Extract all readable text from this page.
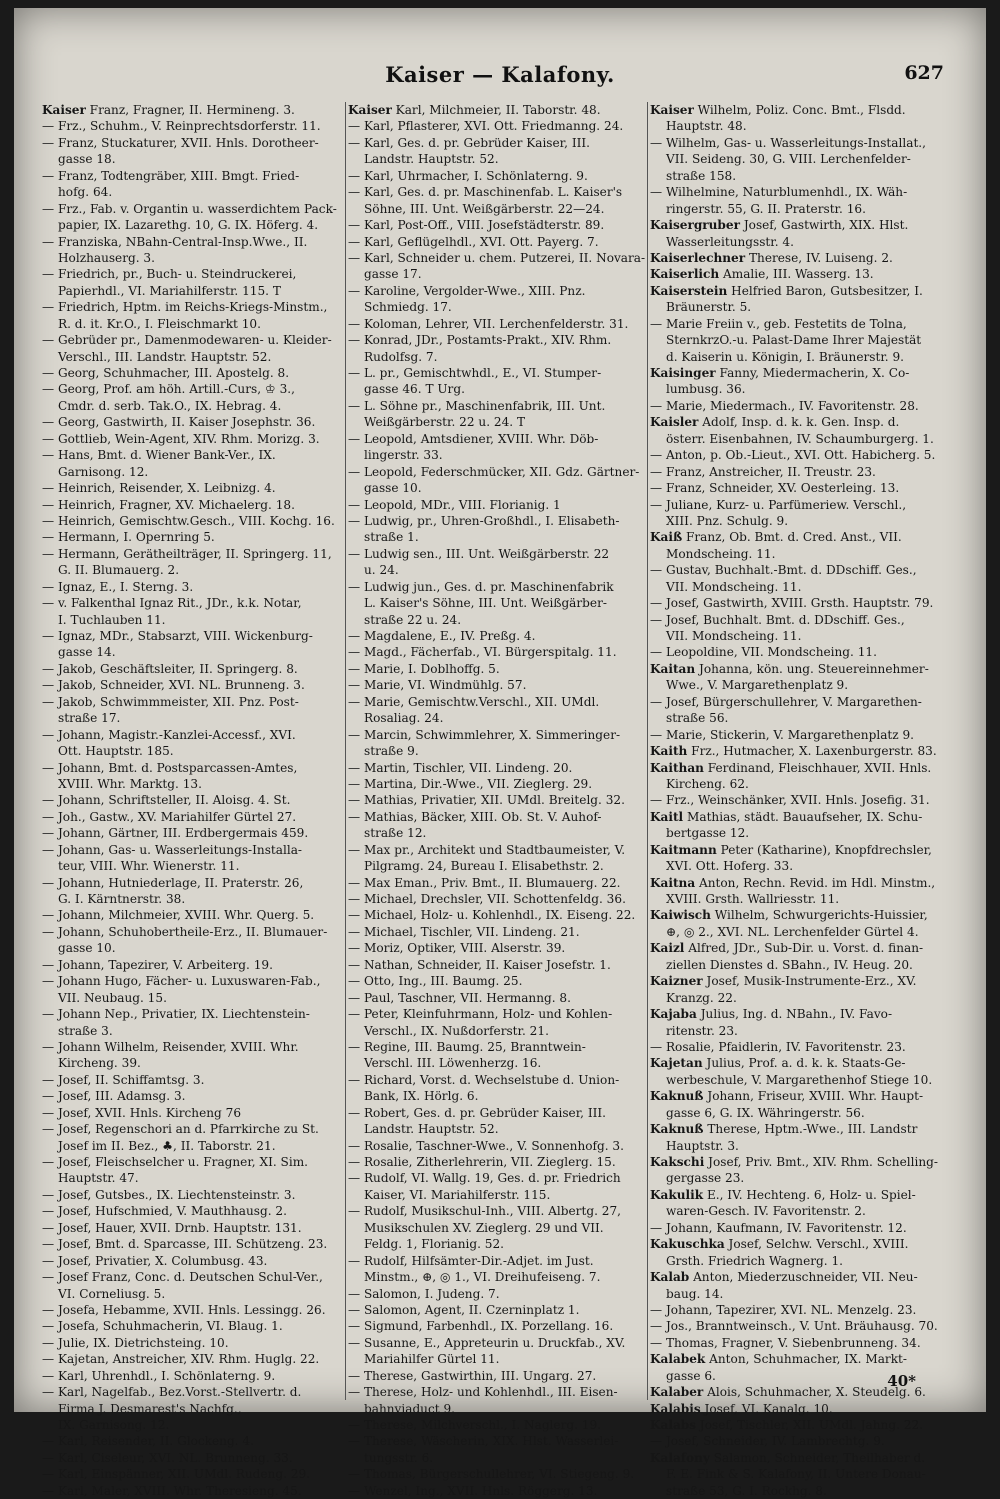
Kaiser — Kalafony.	627
Kaiser Franz, Fragner, II. Hermineng. 3.
— Frz., Schuhm., V. Reinprechtsdorferstr. 11.
— Franz, Stuckaturer, XVII. Hnls. Dorotheer-
gasse 18.
— Franz, Todtengräber, XIII. Bmgt. Fried-
hofg. 64.
— Frz., Fab. v. Organtin u. wasserdichtem Pack-
papier, IX. Lazarethg. 10, G. IX. Höferg. 4.
— Franziska, NBahn-Central-Insp.Wwe., II.
Holzhauserg. 3.
— Friedrich, pr., Buch- u. Steindruckerei,
Papierhdl., VI. Mariahilferstr. 115. T
— Friedrich, Hptm. im Reichs-Kriegs-Minstm.,
R. d. it. Kr.O., I. Fleischmarkt 10.
— Gebrüder pr., Damenmodewaren- u. Kleider-
Verschl., III. Landstr. Hauptstr. 52.
— Georg, Schuhmacher, III. Apostelg. 8.
— Georg, Prof. am höh. Artill.-Curs, ♔ 3.,
Cmdr. d. serb. Tak.O., IX. Hebrag. 4.
— Georg, Gastwirth, II. Kaiser Josephstr. 36.
— Gottlieb, Wein-Agent, XIV. Rhm. Morizg. 3.
— Hans, Bmt. d. Wiener Bank-Ver., IX.
Garnisong. 12.
— Heinrich, Reisender, X. Leibnizg. 4.
— Heinrich, Fragner, XV. Michaelerg. 18.
— Heinrich, Gemischtw.Gesch., VIII. Kochg. 16.
— Hermann, I. Opernring 5.
— Hermann, Gerätheilträger, II. Springerg. 11,
G. II. Blumauerg. 2.
— Ignaz, E., I. Sterng. 3.
— v. Falkenthal Ignaz Rit., JDr., k.k. Notar,
I. Tuchlauben 11.
— Ignaz, MDr., Stabsarzt, VIII. Wickenburg-
gasse 14.
— Jakob, Geschäftsleiter, II. Springerg. 8.
— Jakob, Schneider, XVI. NL. Brunneng. 3.
— Jakob, Schwimmmeister, XII. Pnz. Post-
straße 17.
— Johann, Magistr.-Kanzlei-Accessf., XVI.
Ott. Hauptstr. 185.
— Johann, Bmt. d. Postsparcassen-Amtes,
XVIII. Whr. Marktg. 13.
— Johann, Schriftsteller, II. Aloisg. 4. St.
— Joh., Gastw., XV. Mariahilfer Gürtel 27.
— Johann, Gärtner, III. Erdbergermais 459.
— Johann, Gas- u. Wasserleitungs-Installa-
teur, VIII. Whr. Wienerstr. 11.
— Johann, Hutniederlage, II. Praterstr. 26,
G. I. Kärntnerstr. 38.
— Johann, Milchmeier, XVIII. Whr. Querg. 5.
— Johann, Schuhobertheile-Erz., II. Blumauer-
gasse 10.
— Johann, Tapezirer, V. Arbeiterg. 19.
— Johann Hugo, Fächer- u. Luxuswaren-Fab.,
VII. Neubaug. 15.
— Johann Nep., Privatier, IX. Liechtenstein-
straße 3.
— Johann Wilhelm, Reisender, XVIII. Whr.
Kircheng. 39.
— Josef, II. Schiffamtsg. 3.
— Josef, III. Adamsg. 3.
— Josef, XVII. Hnls. Kircheng 76
— Josef, Regenschori an d. Pfarrkirche zu St.
Josef im II. Bez., ♣, II. Taborstr. 21.
— Josef, Fleischselcher u. Fragner, XI. Sim.
Hauptstr. 47.
— Josef, Gutsbes., IX. Liechtensteinstr. 3.
— Josef, Hufschmied, V. Mauthhausg. 2.
— Josef, Hauer, XVII. Drnb. Hauptstr. 131.
— Josef, Bmt. d. Sparcasse, III. Schützeng. 23.
— Josef, Privatier, X. Columbusg. 43.
— Josef Franz, Conc. d. Deutschen Schul-Ver.,
VI. Corneliusg. 5.
— Josefa, Hebamme, XVII. Hnls. Lessingg. 26.
— Josefa, Schuhmacherin, VI. Blaug. 1.
— Julie, IX. Dietrichsteing. 10.
— Kajetan, Anstreicher, XIV. Rhm. Huglg. 22.
— Karl, Uhrenhdl., I. Schönlaterng. 9.
— Karl, Nagelfab., Bez.Vorst.-Stellvertr. d.
Firma J. Desmarest's Nachfg.,
IX. Garnisong. 12.
— Karl, Reisender, II. Glockeng. 4.
— Karl, Ciseleur, XVI. NL. Brunneng. 33.
— Karl, Einspänner, XII. UMdl. Rudeng. 29.
— Karl, Maler, XVIII. Whr. Theresieng. 45.
Kaiser Karl, Milchmeier, II. Taborstr. 48.
— Karl, Pflasterer, XVI. Ott. Friedmanng. 24.
— Karl, Ges. d. pr. Gebrüder Kaiser, III.
Landstr. Hauptstr. 52.
— Karl, Uhrmacher, I. Schönlaterng. 9.
— Karl, Ges. d. pr. Maschinenfab. L. Kaiser's
Söhne, III. Unt. Weißgärberstr. 22—24.
— Karl, Post-Off., VIII. Josefstädterstr. 89.
— Karl, Geflügelhdl., XVI. Ott. Payerg. 7.
— Karl, Schneider u. chem. Putzerei, II. Novara-
gasse 17.
— Karoline, Vergolder-Wwe., XIII. Pnz.
Schmiedg. 17.
— Koloman, Lehrer, VII. Lerchenfelderstr. 31.
— Konrad, JDr., Postamts-Prakt., XIV. Rhm.
Rudolfsg. 7.
— L. pr., Gemischtwhdl., E., VI. Stumper-
gasse 46. T Urg.
— L. Söhne pr., Maschinenfabrik, III. Unt.
Weißgärberstr. 22 u. 24. T
— Leopold, Amtsdiener, XVIII. Whr. Döb-
lingerstr. 33.
— Leopold, Federschmücker, XII. Gdz. Gärtner-
gasse 10.
— Leopold, MDr., VIII. Florianig. 1
— Ludwig, pr., Uhren-Großhdl., I. Elisabeth-
straße 1.
— Ludwig sen., III. Unt. Weißgärberstr. 22
u. 24.
— Ludwig jun., Ges. d. pr. Maschinenfabrik
L. Kaiser's Söhne, III. Unt. Weißgärber-
straße 22 u. 24.
— Magdalene, E., IV. Preßg. 4.
— Magd., Fächerfab., VI. Bürgerspitalg. 11.
— Marie, I. Doblhoffg. 5.
— Marie, VI. Windmühlg. 57.
— Marie, Gemischtw.Verschl., XII. UMdl.
Rosaliag. 24.
— Marcin, Schwimmlehrer, X. Simmeringer-
straße 9.
— Martin, Tischler, VII. Lindeng. 20.
— Martina, Dir.-Wwe., VII. Zieglerg. 29.
— Mathias, Privatier, XII. UMdl. Breitelg. 32.
— Mathias, Bäcker, XIII. Ob. St. V. Auhof-
straße 12.
— Max pr., Architekt und Stadtbaumeister, V.
Pilgramg. 24, Bureau I. Elisabethstr. 2.
— Max Eman., Priv. Bmt., II. Blumauerg. 22.
— Michael, Drechsler, VII. Schottenfeldg. 36.
— Michael, Holz- u. Kohlenhdl., IX. Eiseng. 22.
— Michael, Tischler, VII. Lindeng. 21.
— Moriz, Optiker, VIII. Alserstr. 39.
— Nathan, Schneider, II. Kaiser Josefstr. 1.
— Otto, Ing., III. Baumg. 25.
— Paul, Taschner, VII. Hermanng. 8.
— Peter, Kleinfuhrmann, Holz- und Kohlen-
Verschl., IX. Nußdorferstr. 21.
— Regine, III. Baumg. 25, Branntwein-
Verschl. III. Löwenherzg. 16.
— Richard, Vorst. d. Wechselstube d. Union-
Bank, IX. Hörlg. 6.
— Robert, Ges. d. pr. Gebrüder Kaiser, III.
Landstr. Hauptstr. 52.
— Rosalie, Taschner-Wwe., V. Sonnenhofg. 3.
— Rosalie, Zitherlehrerin, VII. Zieglerg. 15.
— Rudolf, VI. Wallg. 19, Ges. d. pr. Friedrich
Kaiser, VI. Mariahilferstr. 115.
— Rudolf, Musikschul-Inh., VIII. Albertg. 27,
Musikschulen XV. Zieglerg. 29 und VII.
Feldg. 1, Florianig. 52.
— Rudolf, Hilfsämter-Dir.-Adjet. im Just.
Minstm., ⊕, ◎ 1., VI. Dreihufeiseng. 7.
— Salomon, I. Judeng. 7.
— Salomon, Agent, II. Czerninplatz 1.
— Sigmund, Farbenhdl., IX. Porzellang. 16.
— Susanne, E., Appreteurin u. Druckfab., XV.
Mariahilfer Gürtel 11.
— Therese, Gastwirthin, III. Ungarg. 27.
— Therese, Holz- und Kohlenhdl., III. Eisen-
bahnviaduct 9.
— Therese, Milchverschl., I. Naglerg. 19.
— Therese, Wäscherin, XIX. Hlst. Wasserlei-
tungsstr. 6.
— Thomas, Bürgerschullehrer, VI. Stiegeng. 9.
— Wenzel, Ing., XVII. Hnls. Röggerg. 13.
Kaiser Wilhelm, Poliz. Conc. Bmt., Flsdd.
Hauptstr. 48.
— Wilhelm, Gas- u. Wasserleitungs-Installat.,
VII. Seideng. 30, G. VIII. Lerchenfelder-
straße 158.
— Wilhelmine, Naturblumenhdl., IX. Wäh-
ringerstr. 55, G. II. Praterstr. 16.
Kaisergruber Josef, Gastwirth, XIX. Hlst.
Wasserleitungsstr. 4.
Kaiserlechner Therese, IV. Luiseng. 2.
Kaiserlich Amalie, III. Wasserg. 13.
Kaiserstein Helfried Baron, Gutsbesitzer, I.
Bräunerstr. 5.
— Marie Freiin v., geb. Festetits de Tolna,
SternkrzO.-u. Palast-Dame Ihrer Majestät
d. Kaiserin u. Königin, I. Bräunerstr. 9.
Kaisinger Fanny, Miedermacherin, X. Co-
lumbusg. 36.
— Marie, Miedermach., IV. Favoritenstr. 28.
Kaisler Adolf, Insp. d. k. k. Gen. Insp. d.
österr. Eisenbahnen, IV. Schaumburgerg. 1.
— Anton, p. Ob.-Lieut., XVI. Ott. Habicherg. 5.
— Franz, Anstreicher, II. Treustr. 23.
— Franz, Schneider, XV. Oesterleing. 13.
— Juliane, Kurz- u. Parfümeriew. Verschl.,
XIII. Pnz. Schulg. 9.
Kaiß Franz, Ob. Bmt. d. Cred. Anst., VII.
Mondscheing. 11.
— Gustav, Buchhalt.-Bmt. d. DDschiff. Ges.,
VII. Mondscheing. 11.
— Josef, Gastwirth, XVIII. Grsth. Hauptstr. 79.
— Josef, Buchhalt. Bmt. d. DDschiff. Ges.,
VII. Mondscheing. 11.
— Leopoldine, VII. Mondscheing. 11.
Kaitan Johanna, kön. ung. Steuereinnehmer-
Wwe., V. Margarethenplatz 9.
— Josef, Bürgerschullehrer, V. Margarethen-
straße 56.
— Marie, Stickerin, V. Margarethenplatz 9.
Kaith Frz., Hutmacher, X. Laxenburgerstr. 83.
Kaithan Ferdinand, Fleischhauer, XVII. Hnls.
Kircheng. 62.
— Frz., Weinschänker, XVII. Hnls. Josefig. 31.
Kaitl Mathias, städt. Bauaufseher, IX. Schu-
bertgasse 12.
Kaitmann Peter (Katharine), Knopfdrechsler,
XVI. Ott. Hoferg. 33.
Kaitna Anton, Rechn. Revid. im Hdl. Minstm.,
XVIII. Grsth. Wallriesstr. 11.
Kaiwisch Wilhelm, Schwurgerichts-Huissier,
⊕, ◎ 2., XVI. NL. Lerchenfelder Gürtel 4.
Kaizl Alfred, JDr., Sub-Dir. u. Vorst. d. finan-
ziellen Dienstes d. SBahn., IV. Heug. 20.
Kaizner Josef, Musik-Instrumente-Erz., XV.
Kranzg. 22.
Kajaba Julius, Ing. d. NBahn., IV. Favo-
ritenstr. 23.
— Rosalie, Pfaidlerin, IV. Favoritenstr. 23.
Kajetan Julius, Prof. a. d. k. k. Staats-Ge-
werbeschule, V. Margarethenhof Stiege 10.
Kaknuß Johann, Friseur, XVIII. Whr. Haupt-
gasse 6, G. IX. Währingerstr. 56.
Kaknuß Therese, Hptm.-Wwe., III. Landstr
Hauptstr. 3.
Kakschi Josef, Priv. Bmt., XIV. Rhm. Schelling-
gergasse 23.
Kakulik E., IV. Hechteng. 6, Holz- u. Spiel-
waren-Gesch. IV. Favoritenstr. 2.
— Johann, Kaufmann, IV. Favoritenstr. 12.
Kakuschka Josef, Selchw. Verschl., XVIII.
Grsth. Friedrich Wagnerg. 1.
Kalab Anton, Miederzuschneider, VII. Neu-
baug. 14.
— Johann, Tapezirer, XVI. NL. Menzelg. 23.
— Jos., Branntweinsch., V. Unt. Bräuhausg. 70.
— Thomas, Fragner, V. Siebenbrunneng. 34.
Kalabek Anton, Schuhmacher, IX. Markt-
gasse 6.
Kalaber Alois, Schuhmacher, X. Steudelg. 6.
Kalabis Josef, VI. Kanalg. 10.
Kalabs Josef, Tischler, XII. UMdl. Jahng. 22.
— Josef, Schneider, IV. Lambrechtg. 9.
Kalafony Salamon, Schneider, Theilhaber d.
F. E. Fink & S. Kalafony, II. Untere Donau-
straße 53, G. I. Rockhg. 8.
40*
